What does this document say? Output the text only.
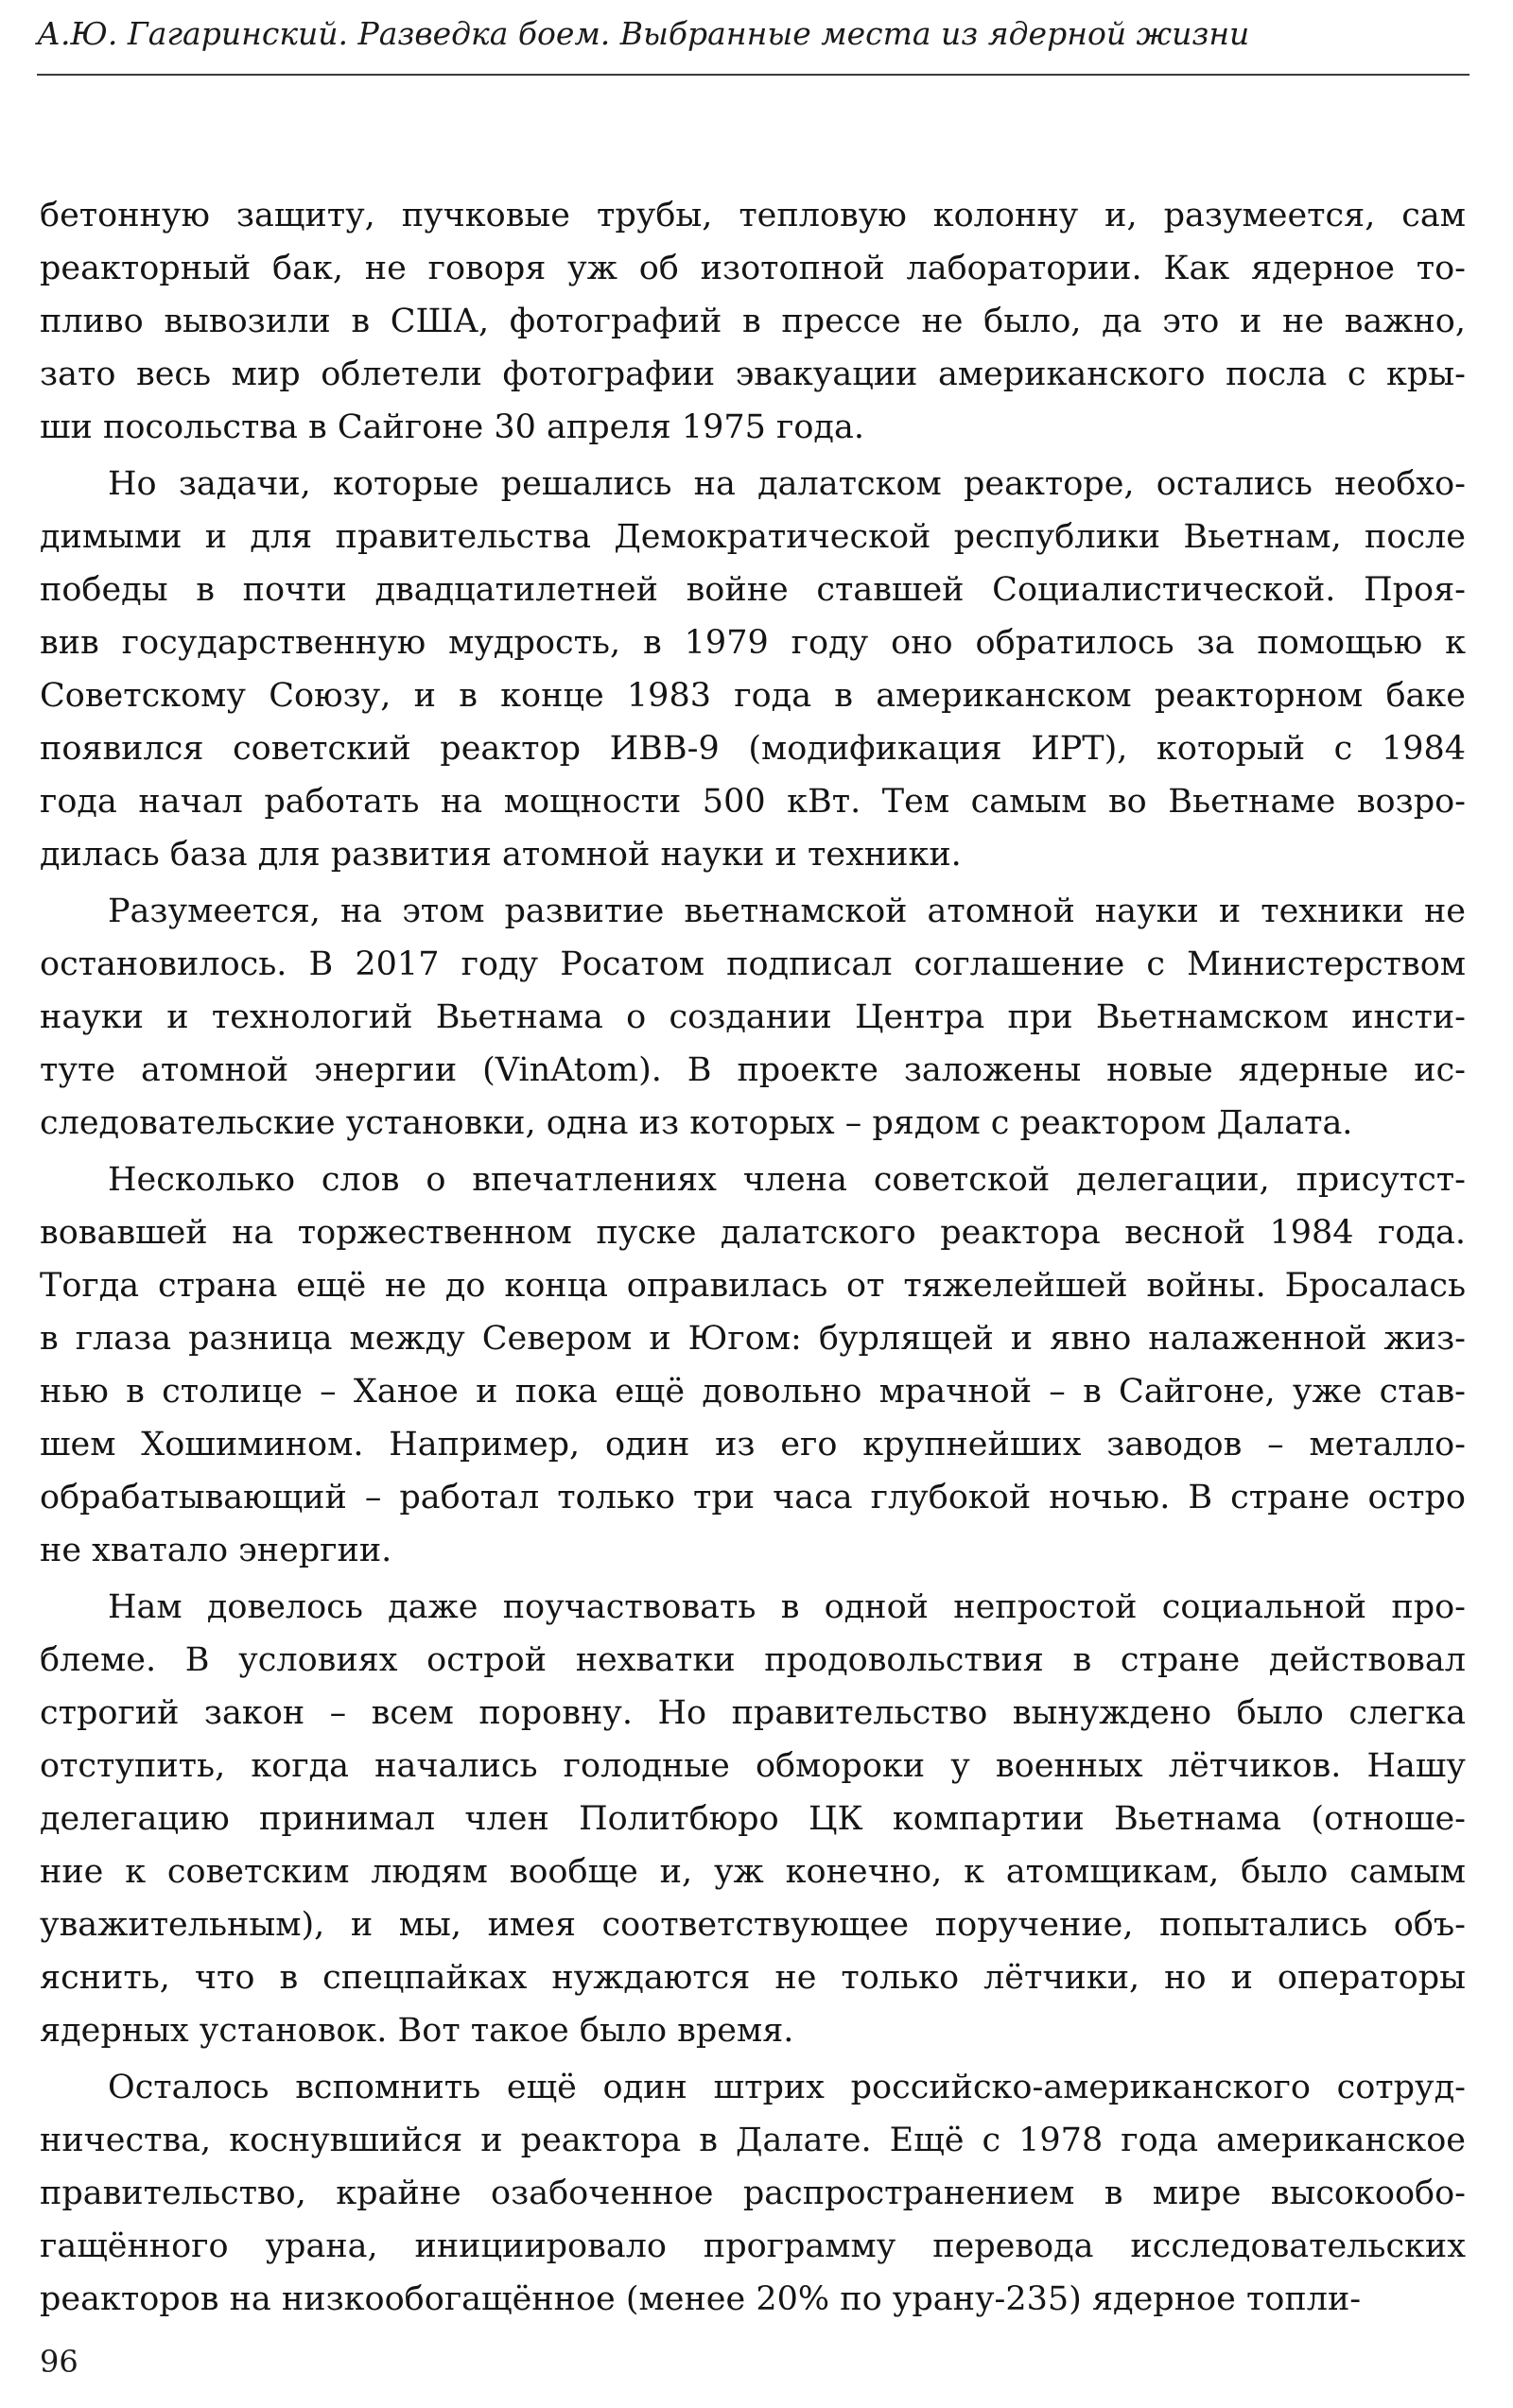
А.Ю. Гагаринский. Разведка боем. Выбранные места из ядерной жизни
бетонную защиту, пучковые трубы, тепловую колонну и, разумеется, сам
реакторный бак, не говоря уж об изотопной лаборатории. Как ядерное то-
пливо вывозили в США, фотографий в прессе не было, да это и не важно,
зато весь мир облетели фотографии эвакуации американского посла с кры-
ши посольства в Сайгоне 30 апреля 1975 года.
Но задачи, которые решались на далатском реакторе, остались необхо-
димыми и для правительства Демократической республики Вьетнам, после
победы в почти двадцатилетней войне ставшей Социалистической. Проя-
вив государственную мудрость, в 1979 году оно обратилось за помощью к
Советскому Союзу, и в конце 1983 года в американском реакторном баке
появился советский реактор ИВВ-9 (модификация ИРТ), который с 1984
года начал работать на мощности 500 кВт. Тем самым во Вьетнаме возро-
дилась база для развития атомной науки и техники.
Разумеется, на этом развитие вьетнамской атомной науки и техники не
остановилось. В 2017 году Росатом подписал соглашение с Министерством
науки и технологий Вьетнама о создании Центра при Вьетнамском инсти-
туте атомной энергии (VinAtom). В проекте заложены новые ядерные ис-
следовательские установки, одна из которых – рядом с реактором Далата.
Несколько слов о впечатлениях члена советской делегации, присутст-
вовавшей на торжественном пуске далатского реактора весной 1984 года.
Тогда страна ещё не до конца оправилась от тяжелейшей войны. Бросалась
в глаза разница между Севером и Югом: бурлящей и явно налаженной жиз-
нью в столице – Ханое и пока ещё довольно мрачной – в Сайгоне, уже став-
шем Хошимином. Например, один из его крупнейших заводов – металло-
обрабатывающий – работал только три часа глубокой ночью. В стране остро
не хватало энергии.
Нам довелось даже поучаствовать в одной непростой социальной про-
блеме. В условиях острой нехватки продовольствия в стране действовал
строгий закон – всем поровну. Но правительство вынуждено было слегка
отступить, когда начались голодные обмороки у военных лётчиков. Нашу
делегацию принимал член Политбюро ЦК компартии Вьетнама (отноше-
ние к советским людям вообще и, уж конечно, к атомщикам, было самым
уважительным), и мы, имея соответствующее поручение, попытались объ-
яснить, что в спецпайках нуждаются не только лётчики, но и операторы
ядерных установок. Вот такое было время.
Осталось вспомнить ещё один штрих российско-американского сотруд-
ничества, коснувшийся и реактора в Далате. Ещё с 1978 года американское
правительство, крайне озабоченное распространением в мире высокообо-
гащённого урана, инициировало программу перевода исследовательских
реакторов на низкообогащённое (менее 20% по урану-235) ядерное топли-
96
